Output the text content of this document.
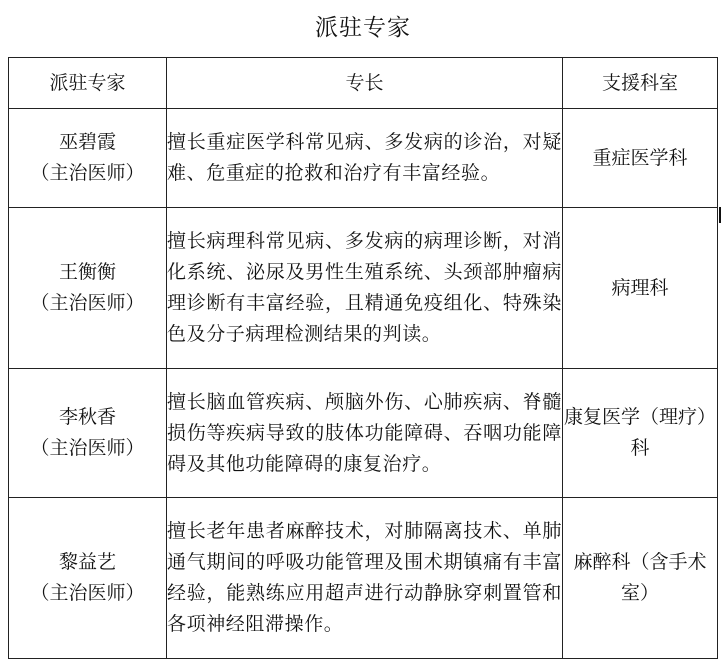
派驻专家
派驻专家	专长	支援科室

巫碧霞
（主治医师）	擅长重症医学科常见病、多发病的诊治，对疑难、危重症的抢救和治疗有丰富经验。	重症医学科

王衡衡
（主治医师）	擅长病理科常见病、多发病的病理诊断，对消化系统、泌尿及男性生殖系统、头颈部肿瘤病理诊断有丰富经验，且精通免疫组化、特殊染色及分子病理检测结果的判读。	病理科

李秋香
（主治医师）	擅长脑血管疾病、颅脑外伤、心肺疾病、脊髓损伤等疾病导致的肢体功能障碍、吞咽功能障碍及其他功能障碍的康复治疗。	康复医学（理疗）科

黎益艺
（主治医师）	擅长老年患者麻醉技术，对肺隔离技术、单肺通气期间的呼吸功能管理及围术期镇痛有丰富经验，能熟练应用超声进行动静脉穿刺置管和各项神经阻滞操作。	麻醉科（含手术室）
